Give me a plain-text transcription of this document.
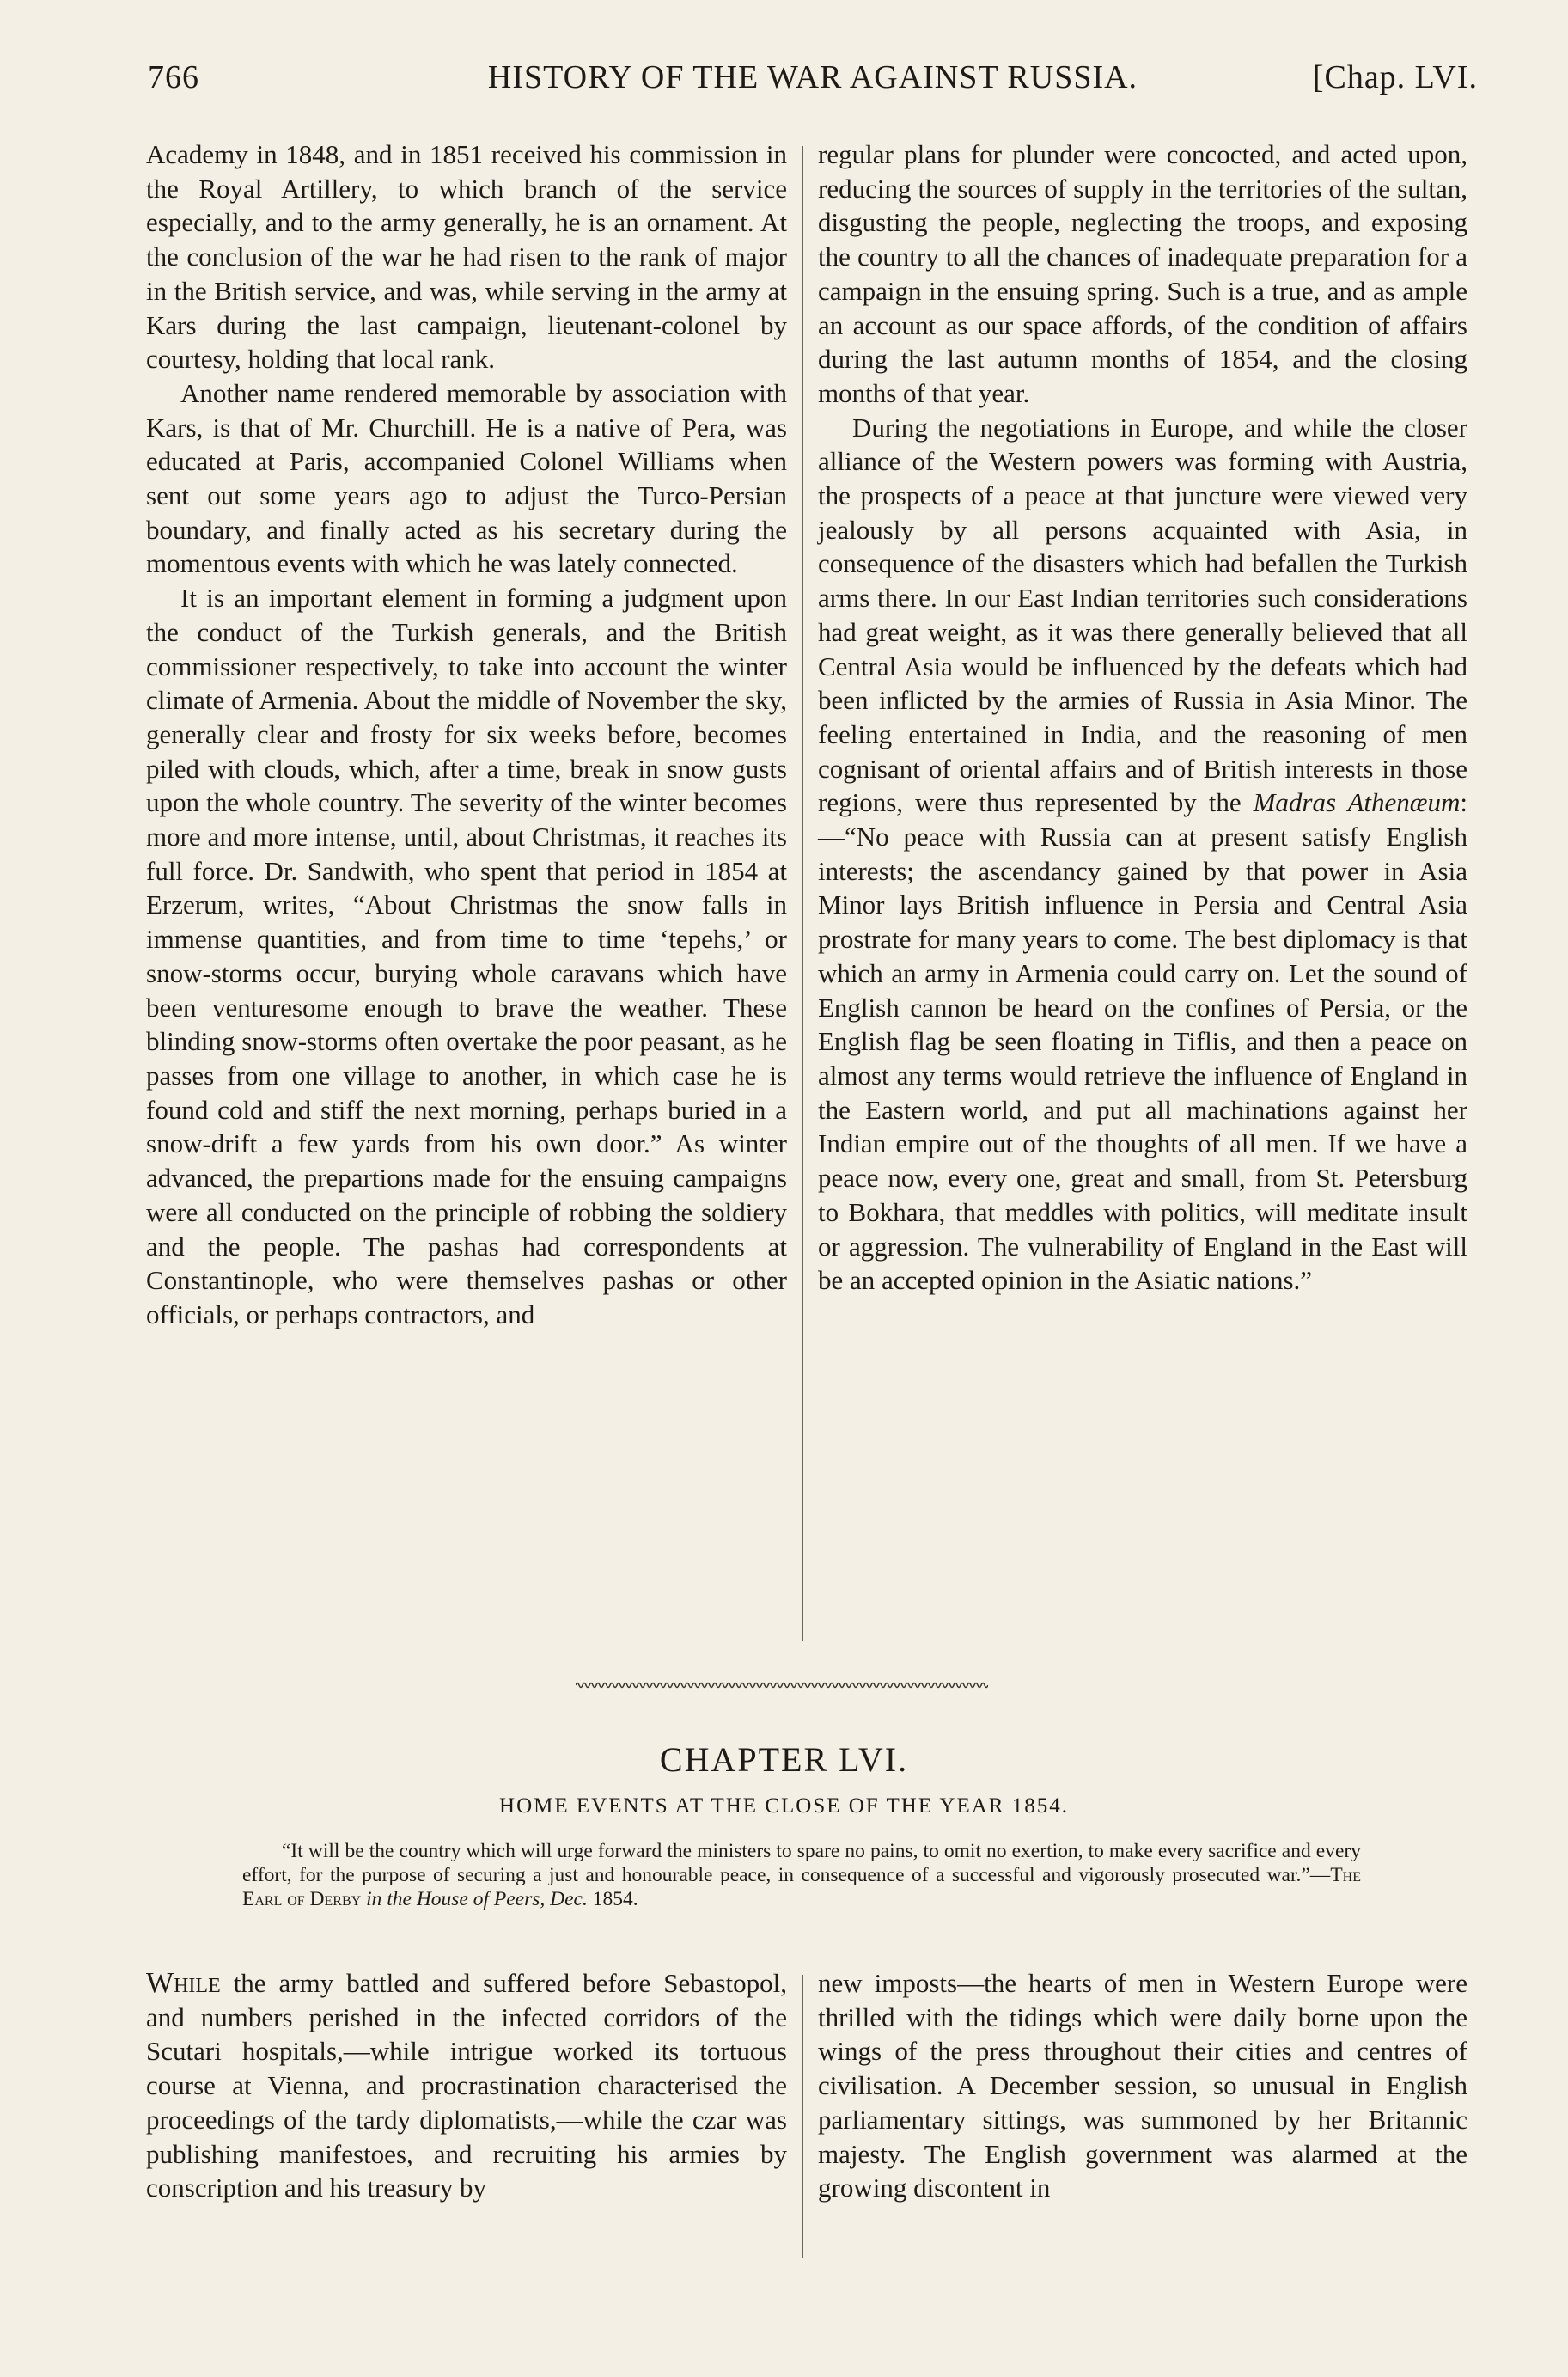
766	HISTORY OF THE WAR AGAINST RUSSIA.	[Chap. LVI.

Academy in 1848, and in 1851 received his commission in the Royal Artillery, to which branch of the service especially, and to the army generally, he is an ornament. At the conclusion of the war he had risen to the rank of major in the British service, and was, while serving in the army at Kars during the last campaign, lieutenant-colonel by courtesy, holding that local rank.

Another name rendered memorable by association with Kars, is that of Mr. Churchill. He is a native of Pera, was educated at Paris, accompanied Colonel Williams when sent out some years ago to adjust the Turco-Persian boundary, and finally acted as his secretary during the momentous events with which he was lately connected.

It is an important element in forming a judgment upon the conduct of the Turkish generals, and the British commissioner respectively, to take into account the winter climate of Armenia. About the middle of November the sky, generally clear and frosty for six weeks before, becomes piled with clouds, which, after a time, break in snow gusts upon the whole country. The severity of the winter becomes more and more intense, until, about Christmas, it reaches its full force. Dr. Sandwith, who spent that period in 1854 at Erzerum, writes, “About Christmas the snow falls in immense quantities, and from time to time ‘tepehs,’ or snow-storms occur, burying whole caravans which have been venturesome enough to brave the weather. These blinding snow-storms often overtake the poor peasant, as he passes from one village to another, in which case he is found cold and stiff the next morning, perhaps buried in a snow-drift a few yards from his own door.” As winter advanced, the prepartions made for the ensuing campaigns were all conducted on the principle of robbing the soldiery and the people. The pashas had correspondents at Constantinople, who were themselves pashas or other officials, or perhaps contractors, and

regular plans for plunder were concocted, and acted upon, reducing the sources of supply in the territories of the sultan, disgusting the people, neglecting the troops, and exposing the country to all the chances of inadequate preparation for a campaign in the ensuing spring. Such is a true, and as ample an account as our space affords, of the condition of affairs during the last autumn months of 1854, and the closing months of that year.

During the negotiations in Europe, and while the closer alliance of the Western powers was forming with Austria, the prospects of a peace at that juncture were viewed very jealously by all persons acquainted with Asia, in consequence of the disasters which had befallen the Turkish arms there. In our East Indian territories such considerations had great weight, as it was there generally believed that all Central Asia would be influenced by the defeats which had been inflicted by the armies of Russia in Asia Minor. The feeling entertained in India, and the reasoning of men cognisant of oriental affairs and of British interests in those regions, were thus represented by the Madras Athenæum:—“No peace with Russia can at present satisfy English interests; the ascendancy gained by that power in Asia Minor lays British influence in Persia and Central Asia prostrate for many years to come. The best diplomacy is that which an army in Armenia could carry on. Let the sound of English cannon be heard on the confines of Persia, or the English flag be seen floating in Tiflis, and then a peace on almost any terms would retrieve the influence of England in the Eastern world, and put all machinations against her Indian empire out of the thoughts of all men. If we have a peace now, every one, great and small, from St. Petersburg to Bokhara, that meddles with politics, will meditate insult or aggression. The vulnerability of England in the East will be an accepted opinion in the Asiatic nations.”

CHAPTER LVI.
HOME EVENTS AT THE CLOSE OF THE YEAR 1854.
“It will be the country which will urge forward the ministers to spare no pains, to omit no exertion, to make every sacrifice and every effort, for the purpose of securing a just and honourable peace, in consequence of a successful and vigorously prosecuted war.”—The Earl of Derby in the House of Peers, Dec. 1854.

While the army battled and suffered before Sebastopol, and numbers perished in the infected corridors of the Scutari hospitals,—while intrigue worked its tortuous course at Vienna, and procrastination characterised the proceedings of the tardy diplomatists,—while the czar was publishing manifestoes, and recruiting his armies by conscription and his treasury by

new imposts—the hearts of men in Western Europe were thrilled with the tidings which were daily borne upon the wings of the press throughout their cities and centres of civilisation. A December session, so unusual in English parliamentary sittings, was summoned by her Britannic majesty. The English government was alarmed at the growing discontent in
